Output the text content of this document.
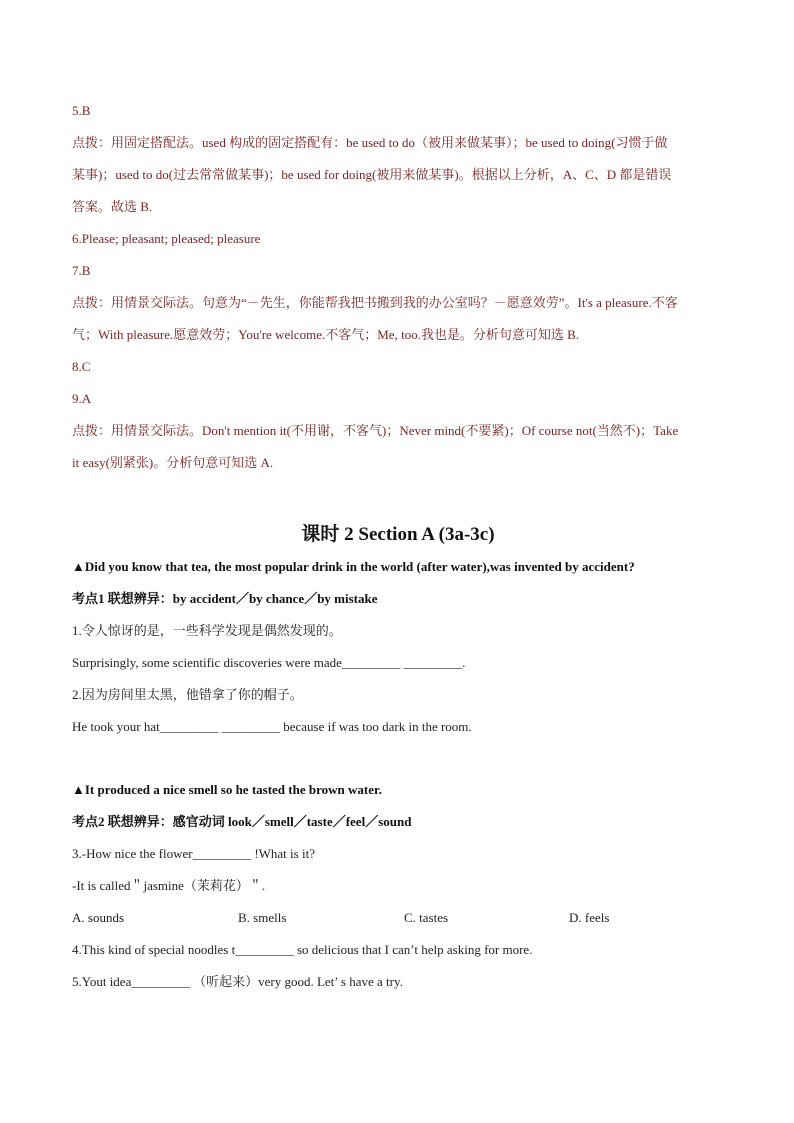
5.B
点拨：用固定搭配法。used 构成的固定搭配有：be used to do（被用来做某事）；be used to doing(习惯于做
某事)；used to do(过去常常做某事)；be used for doing(被用来做某事)。根据以上分析，A、C、D 都是错误
答案。故选 B.
6.Please; pleasant; pleased; pleasure
7.B
点拨：用情景交际法。句意为“－先生，你能帮我把书搬到我的办公室吗？－愿意效劳”。It's a pleasure.不客
气；With pleasure.愿意效劳；You're welcome.不客气；Me, too.我也是。分析句意可知选 B.
8.C
9.A
点拨：用情景交际法。Don't mention it(不用谢，不客气)；Never mind(不要紧)；Of course not(当然不)；Take
it easy(别紧张)。分析句意可知选 A.
课时 2 Section A (3a-3c)
▲Did you know that tea, the most popular drink in the world (after water),was invented by accident?
考点1 联想辨异：by accident／by chance／by mistake
1.令人惊讶的是，一些科学发现是偶然发现的。
Surprisingly, some scientific discoveries were made_________ _________.
2.因为房间里太黑，他错拿了你的帽子。
He took your hat_________ _________ because if was too dark in the room.
▲It produced a nice smell so he tasted the brown water.
考点2 联想辨异：感官动词 look／smell／taste／feel／sound
3.-How nice the flower_________ !What is it?
-It is called＂jasmine（茉莉花）＂.
A. sounds	B. smells	C. tastes	D. feels
4.This kind of special noodles t_________ so delicious that I can’t help asking for more.
5.Yout idea_________ （听起来）very good. Let’ s have a try.
